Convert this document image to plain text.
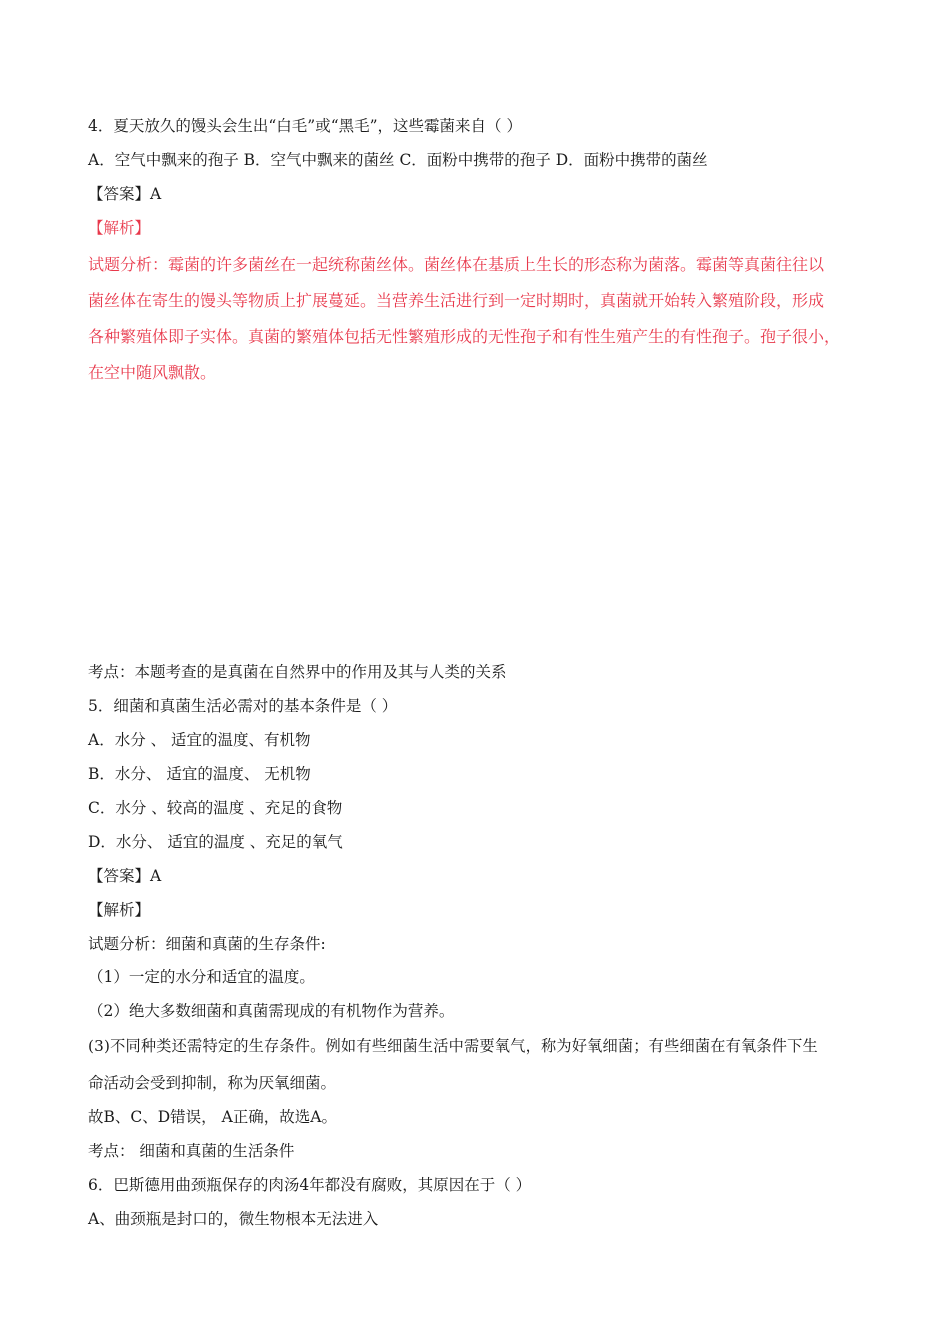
4．夏天放久的馒头会生出“白毛”或“黑毛”，这些霉菌来自（ ）
A．空气中飘来的孢子 B．空气中飘来的菌丝 C．面粉中携带的孢子 D．面粉中携带的菌丝
【答案】A
【解析】
试题分析：霉菌的许多菌丝在一起统称菌丝体。菌丝体在基质上生长的形态称为菌落。霉菌等真菌往往以
菌丝体在寄生的馒头等物质上扩展蔓延。当营养生活进行到一定时期时，真菌就开始转入繁殖阶段，形成
各种繁殖体即子实体。真菌的繁殖体包括无性繁殖形成的无性孢子和有性生殖产生的有性孢子。孢子很小，
在空中随风飘散。
考点：本题考查的是真菌在自然界中的作用及其与人类的关系
5．细菌和真菌生活必需对的基本条件是（ ）
A．水分 、 适宜的温度、有机物
B．水分、 适宜的温度、 无机物
C．水分 、较高的温度 、充足的食物
D．水分、 适宜的温度 、充足的氧气
【答案】A
【解析】
试题分析：细菌和真菌的生存条件:
（1）一定的水分和适宜的温度。
（2）绝大多数细菌和真菌需现成的有机物作为营养。
(3)不同种类还需特定的生存条件。例如有些细菌生活中需要氧气，称为好氧细菌；有些细菌在有氧条件下生
命活动会受到抑制，称为厌氧细菌。
故B、C、D错误， A正确，故选A。
考点： 细菌和真菌的生活条件
6．巴斯德用曲颈瓶保存的肉汤4年都没有腐败，其原因在于（ ）
A、曲颈瓶是封口的，微生物根本无法进入
